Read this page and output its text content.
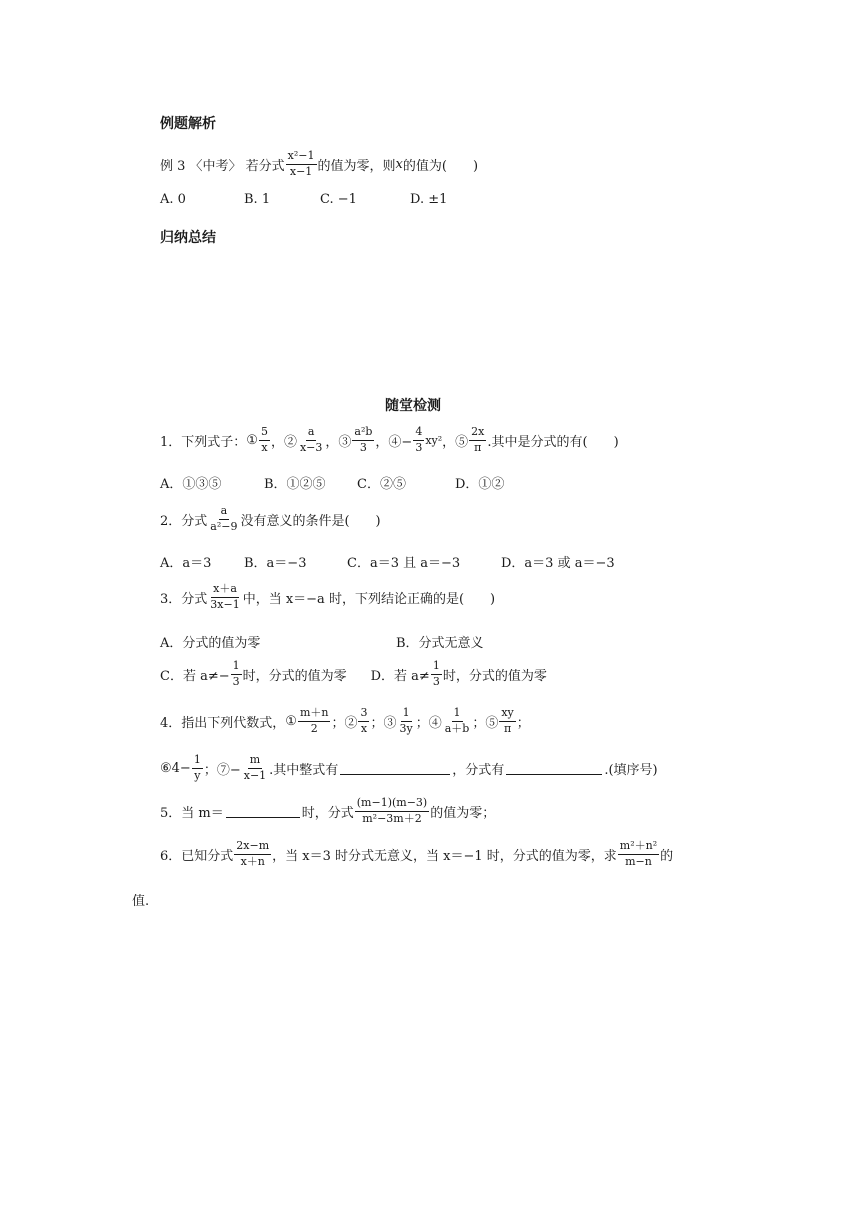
例题解析
例 3 〈中考〉 若分式 $\frac{\text{x²−1}}{x-1}$ 的值为零，则 x 的值为(　　)
A. 0	B. 1	C. −1	D. ±1
归纳总结
随堂检测
1．下列式子： ① $\frac{5}{x}$ ，② $\frac{a}{x-3}$ ，③ $\frac{\text{a²b}}{3}$ ，④− $\frac{4}{3} xy^2$ ，⑤ $\frac{2x}{\pi}$ .其中是分式的有(　　)
A．①③⑤	B．①②⑤	C．②⑤	D．①②
2．分式 $\frac{a}{\text{a²−9}}$ 没有意义的条件是(　　)
A．a＝3	B．a＝−3	C．a＝3 且 a＝−3	D．a＝3 或 a＝−3
3．分式 $\frac{x+a}{3x-1}$ 中，当 x＝−a 时，下列结论正确的是(　　)
A．分式的值为零	B．分式无意义
C．若 $a\ne- \frac{1}{3}$ 时，分式的值为零	D．若 $a\ne \frac{1}{3}$ 时，分式的值为零
4．指出下列代数式， ① $\frac{m+n}{2}$ ；② $\frac{3}{x}$ ；③ $\frac{1}{3y}$ ；④ $\frac{1}{a+b}$ ；⑤ $\frac{xy}{\pi}$ ；
⑥4− $\frac{1}{y}$ ；⑦− $\frac{m}{x-1}$ .其中整式有	，分式有	.(填序号)
5．当 m＝	时，分式 $\frac{(m-1)(m-3)}{\text{m²−3m＋2}}$ 的值为零；
6．已知分式 $\frac{2x-m}{x+n}$ ，当 x＝3 时分式无意义，当 x＝−1 时，分式的值为零，求 $\frac{\text{m²＋n²}}{m-n}$ 的
值.
